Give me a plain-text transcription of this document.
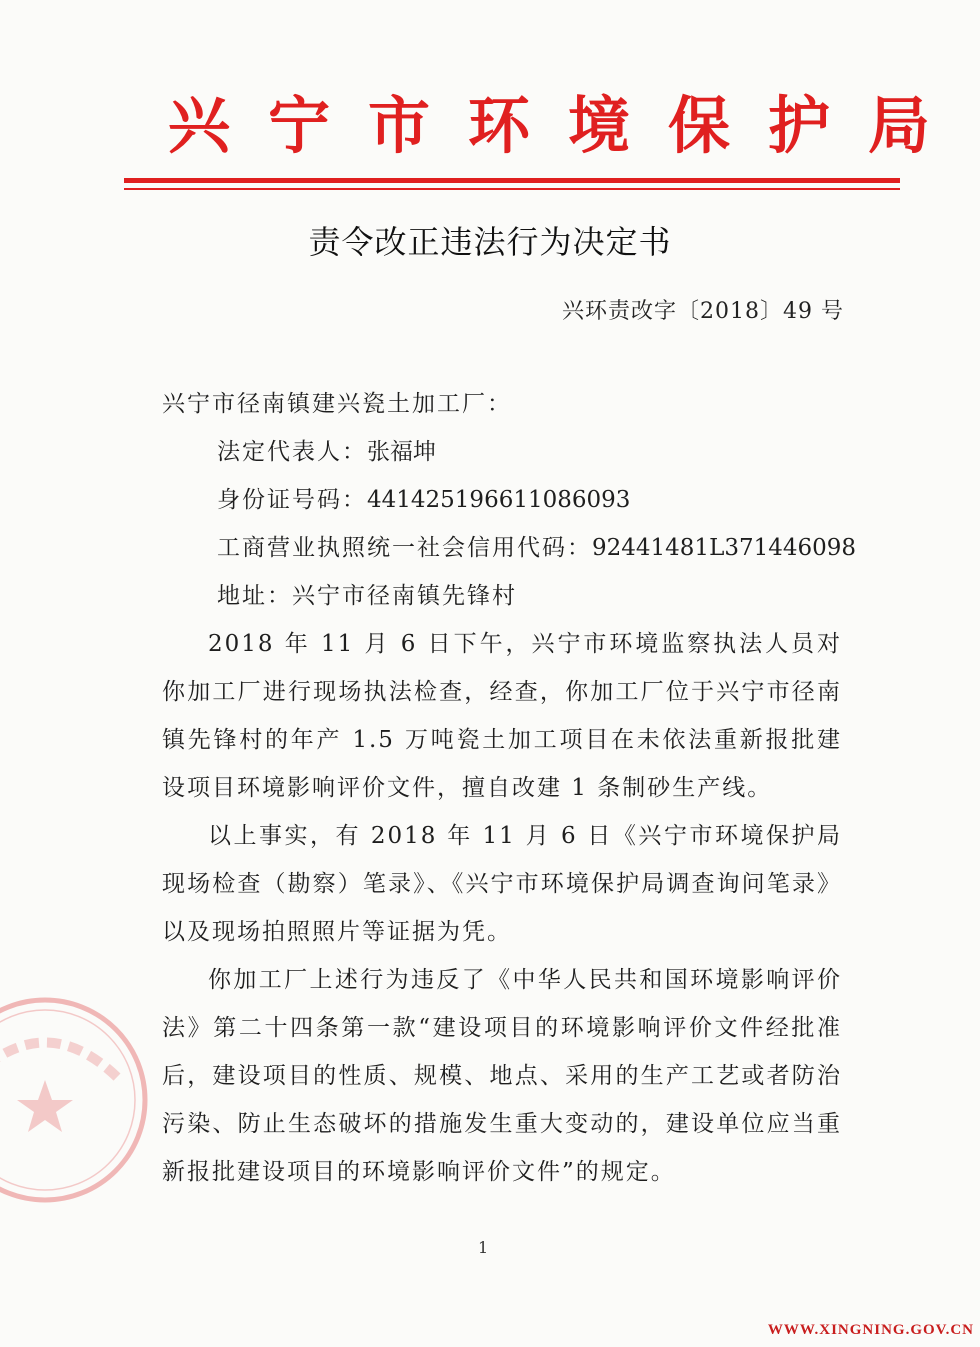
兴宁市环境保护局
责令改正违法行为决定书
兴环责改字〔2018〕49 号

兴宁市径南镇建兴瓷土加工厂：

法定代表人：张福坤

身份证号码：441425196611086093

工商营业执照统一社会信用代码：92441481L371446098

地址：兴宁市径南镇先锋村

2018 年 11 月 6 日下午，兴宁市环境监察执法人员对你加工厂进行现场执法检查，经查，你加工厂位于兴宁市径南镇先锋村的年产 1.5 万吨瓷土加工项目在未依法重新报批建设项目环境影响评价文件，擅自改建 1 条制砂生产线。

以上事实，有 2018 年 11 月 6 日《兴宁市环境保护局现场检查（勘察）笔录》、《兴宁市环境保护局调查询问笔录》以及现场拍照照片等证据为凭。

你加工厂上述行为违反了《中华人民共和国环境影响评价法》第二十四条第一款“建设项目的环境影响评价文件经批准后，建设项目的性质、规模、地点、采用的生产工艺或者防治污染、防止生态破坏的措施发生重大变动的，建设单位应当重新报批建设项目的环境影响评价文件”的规定。

1
WWW.XINGNING.GOV.CN
